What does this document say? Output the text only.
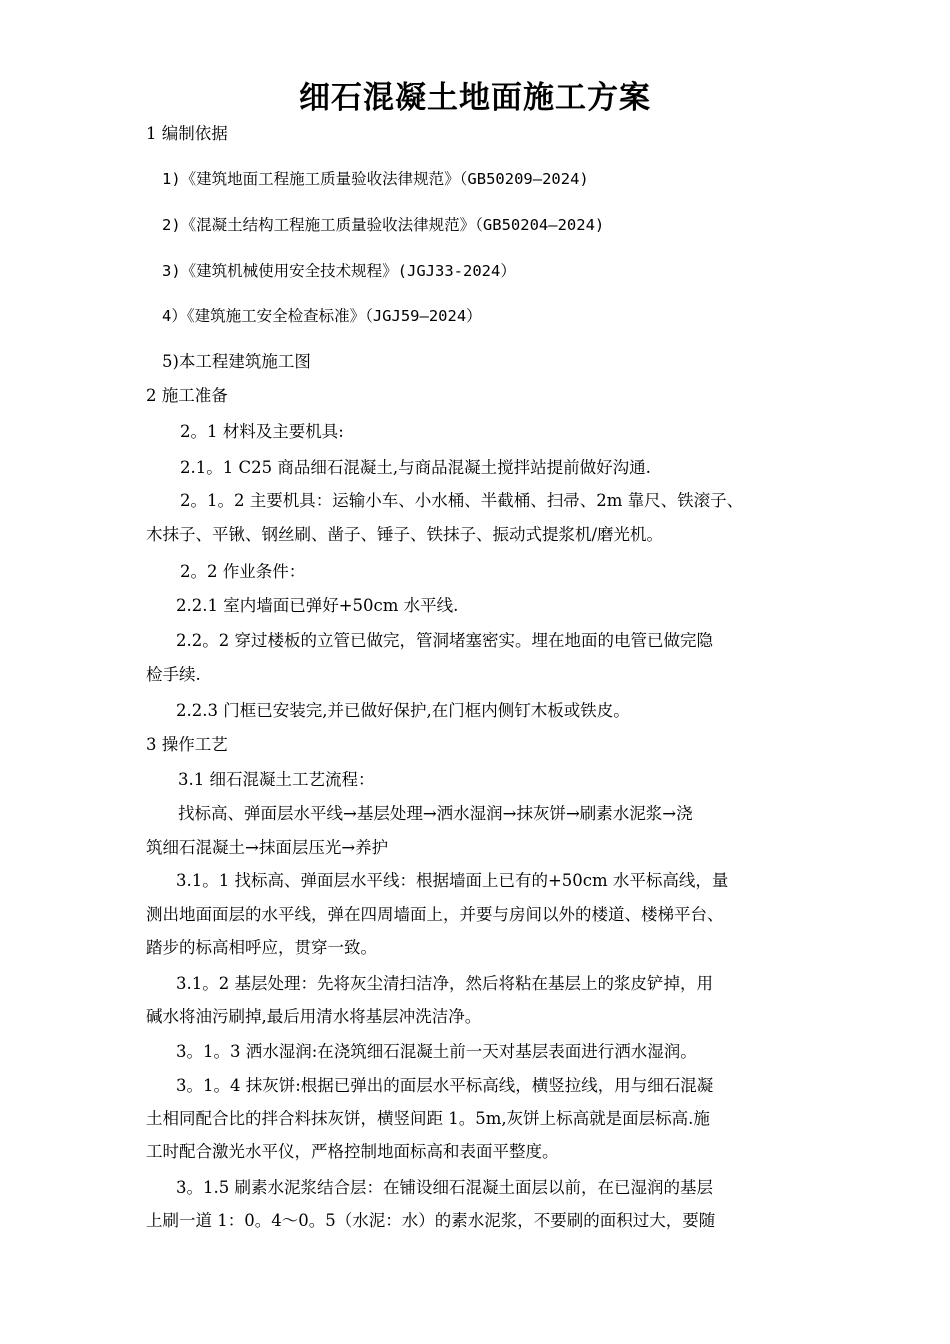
细石混凝土地面施工方案
1 编制依据
1)《建筑地面工程施工质量验收法律规范》（GB50209—2024)
2)《混凝土结构工程施工质量验收法律规范》（GB50204—2024)
3)《建筑机械使用安全技术规程》(JGJ33-2024）
4）《建筑施工安全检查标准》（JGJ59—2024）
5)本工程建筑施工图
2 施工准备
2。1 材料及主要机具:
2.1。1 C25 商品细石混凝土,与商品混凝土搅拌站提前做好沟通.
2。1。2 主要机具：运输小车、小水桶、半截桶、扫帚、2m 靠尺、铁滚子、
木抹子、平锹、钢丝刷、凿子、锤子、铁抹子、振动式提浆机/磨光机。
2。2 作业条件：
2.2.1 室内墙面已弹好+50cm 水平线.
2.2。2 穿过楼板的立管已做完，管洞堵塞密实。埋在地面的电管已做完隐
检手续.
2.2.3 门框已安装完,并已做好保护,在门框内侧钉木板或铁皮。
3 操作工艺
3.1 细石混凝土工艺流程：
找标高、弹面层水平线→基层处理→洒水湿润→抹灰饼→刷素水泥浆→浇
筑细石混凝土→抹面层压光→养护
3.1。1 找标高、弹面层水平线：根据墙面上已有的+50cm 水平标高线，量
测出地面面层的水平线，弹在四周墙面上，并要与房间以外的楼道、楼梯平台、
踏步的标高相呼应，贯穿一致。
3.1。2 基层处理：先将灰尘清扫洁净，然后将粘在基层上的浆皮铲掉，用
碱水将油污刷掉,最后用清水将基层冲洗洁净。
3。1。3 洒水湿润:在浇筑细石混凝土前一天对基层表面进行洒水湿润。
3。1。4 抹灰饼:根据已弹出的面层水平标高线，横竖拉线，用与细石混凝
土相同配合比的拌合料抹灰饼，横竖间距 1。5m,灰饼上标高就是面层标高.施
工时配合激光水平仪，严格控制地面标高和表面平整度。
3。1.5 刷素水泥浆结合层：在铺设细石混凝土面层以前，在已湿润的基层
上刷一道 1：0。4～0。5（水泥：水）的素水泥浆，不要刷的面积过大，要随
